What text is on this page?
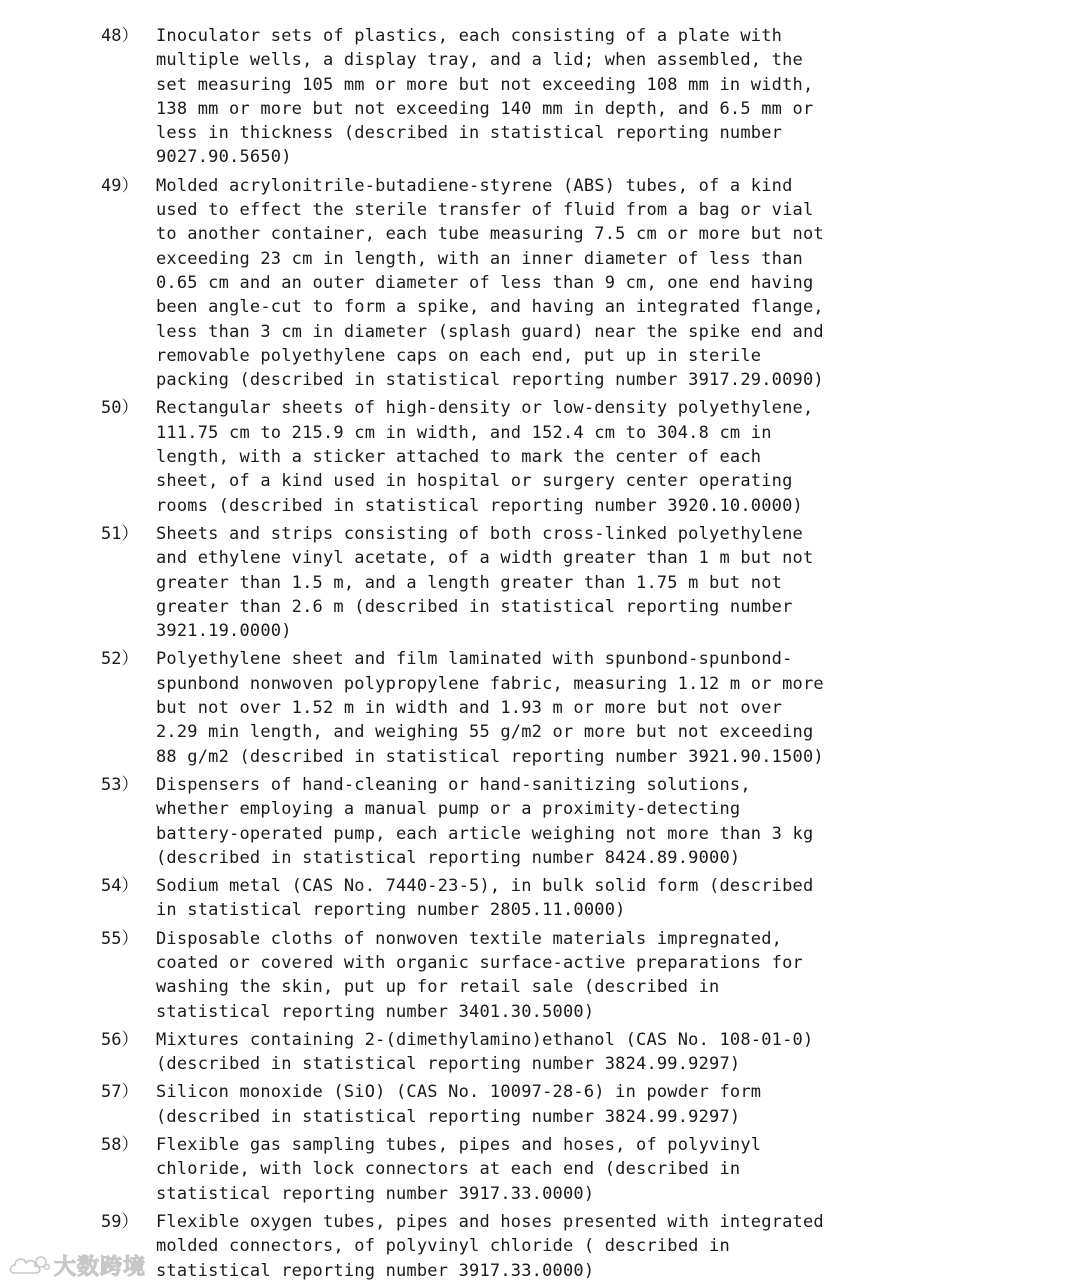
48） Inoculator sets of plastics, each consisting of a plate with
multiple wells, a display tray, and a lid; when assembled, the
set measuring 105 mm or more but not exceeding 108 mm in width,
138 mm or more but not exceeding 140 mm in depth, and 6.5 mm or
less in thickness (described in statistical reporting number
9027.90.5650)
49） Molded acrylonitrile-butadiene-styrene (ABS) tubes, of a kind
used to effect the sterile transfer of fluid from a bag or vial
to another container, each tube measuring 7.5 cm or more but not
exceeding 23 cm in length, with an inner diameter of less than
0.65 cm and an outer diameter of less than 9 cm, one end having
been angle-cut to form a spike, and having an integrated flange,
less than 3 cm in diameter (splash guard) near the spike end and
removable polyethylene caps on each end, put up in sterile
packing (described in statistical reporting number 3917.29.0090)
50） Rectangular sheets of high-density or low-density polyethylene,
111.75 cm to 215.9 cm in width, and 152.4 cm to 304.8 cm in
length, with a sticker attached to mark the center of each
sheet, of a kind used in hospital or surgery center operating
rooms (described in statistical reporting number 3920.10.0000)
51） Sheets and strips consisting of both cross-linked polyethylene
and ethylene vinyl acetate, of a width greater than 1 m but not
greater than 1.5 m, and a length greater than 1.75 m but not
greater than 2.6 m (described in statistical reporting number
3921.19.0000)
52） Polyethylene sheet and film laminated with spunbond-spunbond-
spunbond nonwoven polypropylene fabric, measuring 1.12 m or more
but not over 1.52 m in width and 1.93 m or more but not over
2.29 min length, and weighing 55 g/m2 or more but not exceeding
88 g/m2 (described in statistical reporting number 3921.90.1500)
53） Dispensers of hand-cleaning or hand-sanitizing solutions,
whether employing a manual pump or a proximity-detecting
battery-operated pump, each article weighing not more than 3 kg
(described in statistical reporting number 8424.89.9000)
54） Sodium metal (CAS No. 7440-23-5), in bulk solid form (described
in statistical reporting number 2805.11.0000)
55） Disposable cloths of nonwoven textile materials impregnated,
coated or covered with organic surface-active preparations for
washing the skin, put up for retail sale (described in
statistical reporting number 3401.30.5000)
56） Mixtures containing 2-(dimethylamino)ethanol (CAS No. 108-01-0)
(described in statistical reporting number 3824.99.9297)
57） Silicon monoxide (SiO) (CAS No. 10097-28-6) in powder form
(described in statistical reporting number 3824.99.9297)
58） Flexible gas sampling tubes, pipes and hoses, of polyvinyl
chloride, with lock connectors at each end (described in
statistical reporting number 3917.33.0000)
59） Flexible oxygen tubes, pipes and hoses presented with integrated
molded connectors, of polyvinyl chloride ( described in
statistical reporting number 3917.33.0000)
大数跨境
